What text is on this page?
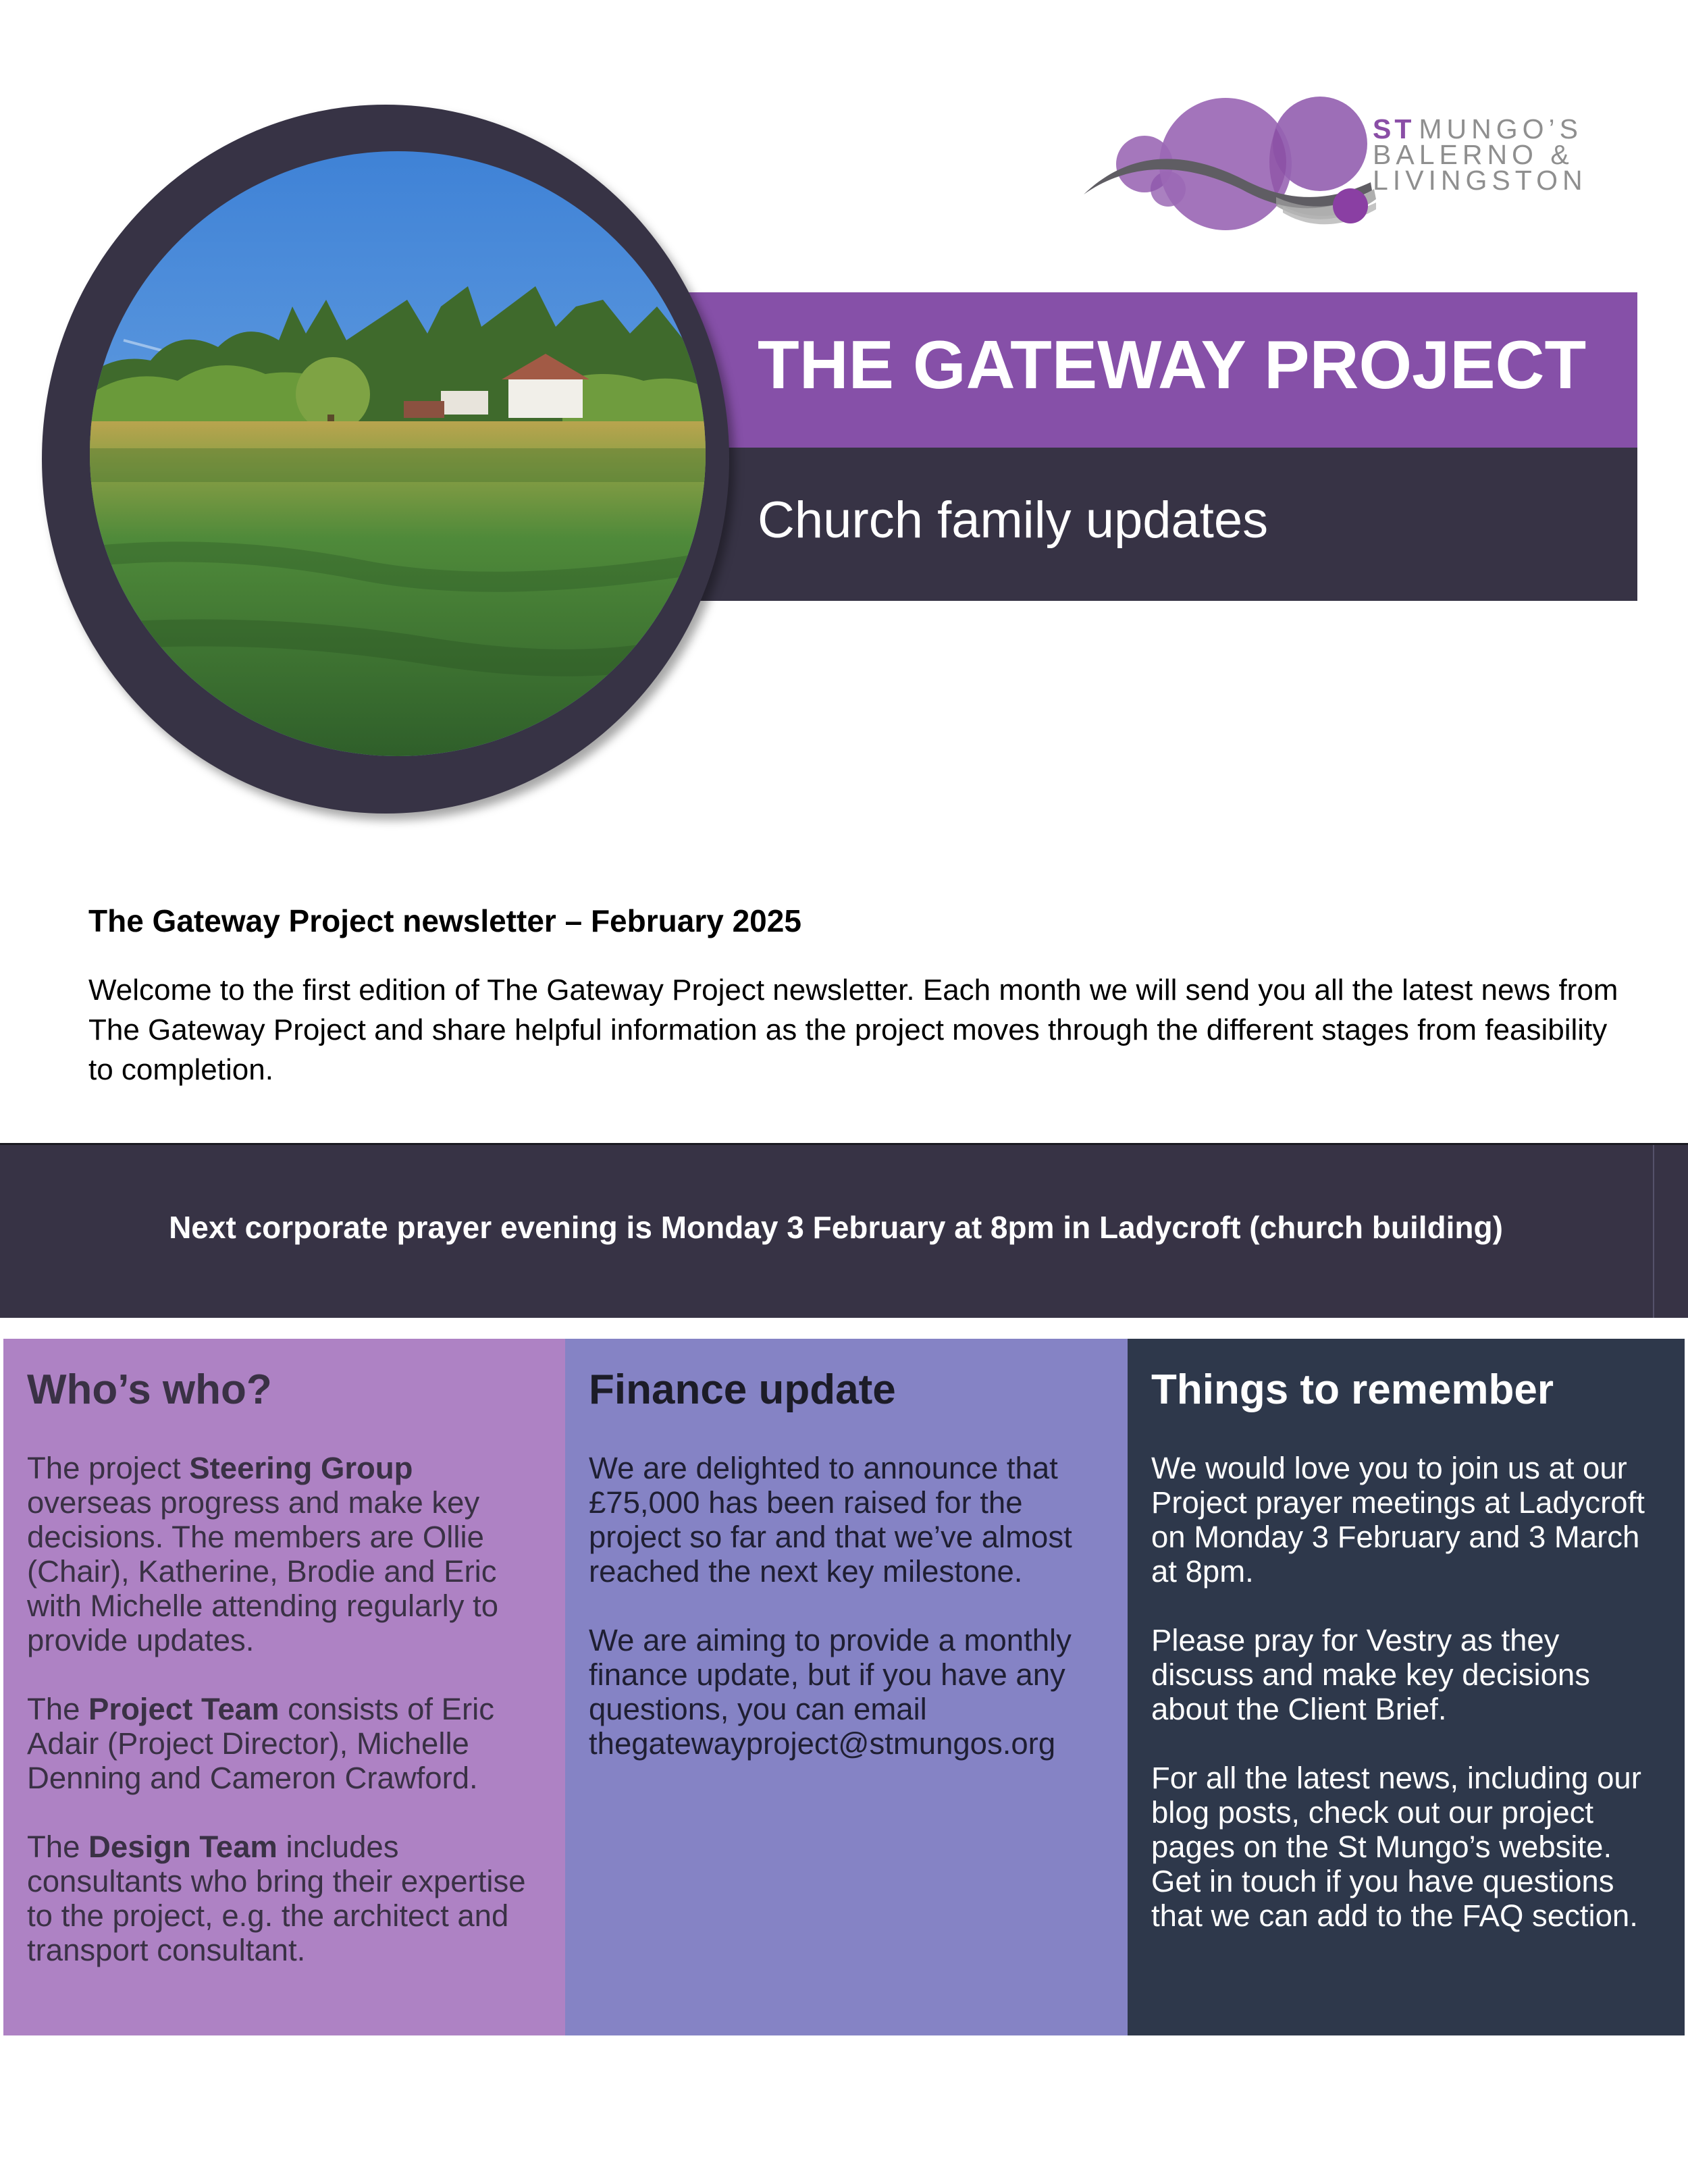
ST MUNGO’S
BALERNO &
LIVINGSTON
THE GATEWAY PROJECT
Church family updates
The Gateway Project newsletter – February 2025
Welcome to the first edition of The Gateway Project newsletter. Each month we will send you all the latest news from The Gateway Project and share helpful information as the project moves through the different stages from feasibility to completion.
Next corporate prayer evening is Monday 3 February at 8pm in Ladycroft (church building)
Who’s who?

The project Steering Group overseas progress and make key decisions. The members are Ollie (Chair), Katherine, Brodie and Eric with Michelle attending regularly to provide updates.

The Project Team consists of Eric Adair (Project Director), Michelle Denning and Cameron Crawford.

The Design Team includes consultants who bring their expertise to the project, e.g. the architect and transport consultant.

Finance update

We are delighted to announce that £75,000 has been raised for the project so far and that we’ve almost reached the next key milestone.

We are aiming to provide a monthly finance update, but if you have any questions, you can email thegatewayproject@stmungos.org

Things to remember

We would love you to join us at our Project prayer meetings at Ladycroft on Monday 3 February and 3 March at 8pm.

Please pray for Vestry as they discuss and make key decisions about the Client Brief.

For all the latest news, including our blog posts, check out our project pages on the St Mungo’s website. Get in touch if you have questions that we can add to the FAQ section.
